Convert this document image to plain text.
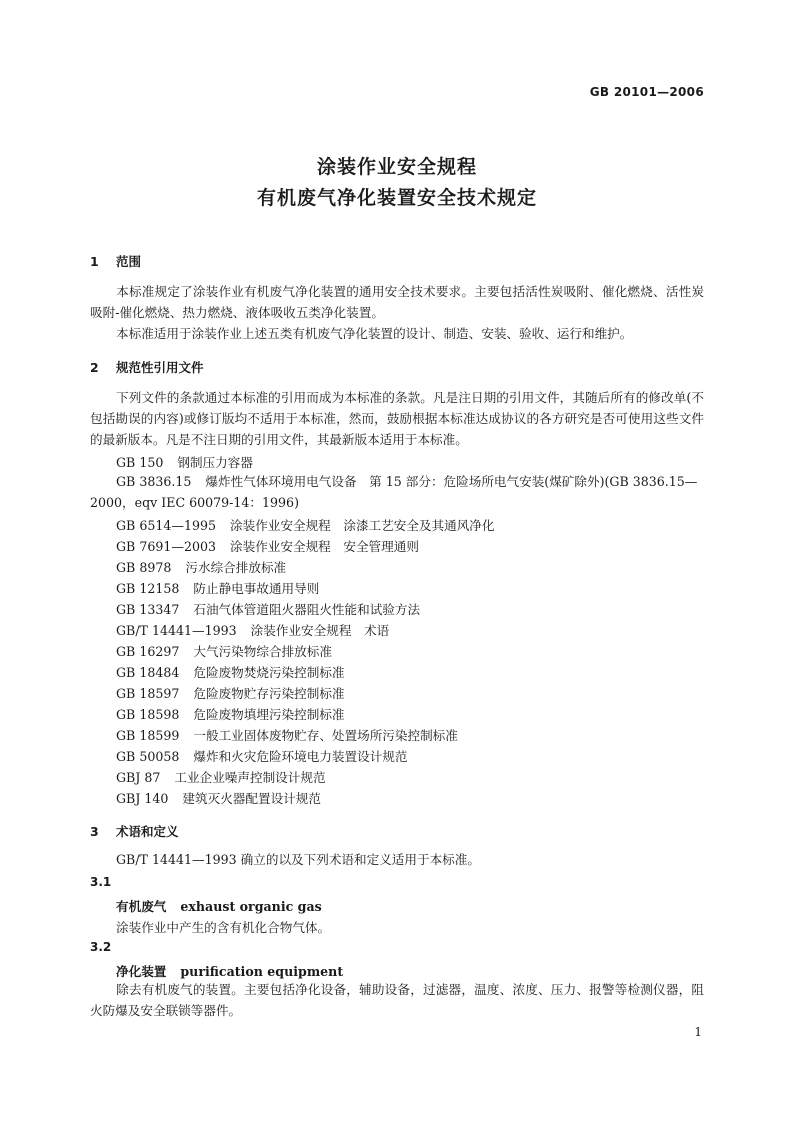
GB 20101—2006
涂装作业安全规程
有机废气净化装置安全技术规定
1 范围
本标准规定了涂装作业有机废气净化装置的通用安全技术要求。主要包括活性炭吸附、催化燃烧、活性炭吸附-催化燃烧、热力燃烧、液体吸收五类净化装置。
本标准适用于涂装作业上述五类有机废气净化装置的设计、制造、安装、验收、运行和维护。
2 规范性引用文件
下列文件的条款通过本标准的引用而成为本标准的条款。凡是注日期的引用文件，其随后所有的修改单(不包括勘误的内容)或修订版均不适用于本标准，然而，鼓励根据本标准达成协议的各方研究是否可使用这些文件的最新版本。凡是不注日期的引用文件，其最新版本适用于本标准。
GB 150 钢制压力容器
GB 3836.15 爆炸性气体环境用电气设备　第 15 部分：危险场所电气安装(煤矿除外)(GB 3836.15—2000，eqv IEC 60079-14：1996)
GB 6514—1995 涂装作业安全规程　涂漆工艺安全及其通风净化
GB 7691—2003 涂装作业安全规程　安全管理通则
GB 8978 污水综合排放标准
GB 12158 防止静电事故通用导则
GB 13347 石油气体管道阻火器阻火性能和试验方法
GB/T 14441—1993 涂装作业安全规程　术语
GB 16297 大气污染物综合排放标准
GB 18484 危险废物焚烧污染控制标准
GB 18597 危险废物贮存污染控制标准
GB 18598 危险废物填埋污染控制标准
GB 18599 一般工业固体废物贮存、处置场所污染控制标准
GB 50058 爆炸和火灾危险环境电力装置设计规范
GBJ 87 工业企业噪声控制设计规范
GBJ 140 建筑灭火器配置设计规范
3 术语和定义
GB/T 14441—1993 确立的以及下列术语和定义适用于本标准。
3.1
有机废气 exhaust organic gas
涂装作业中产生的含有机化合物气体。
3.2
净化装置 purification equipment
除去有机废气的装置。主要包括净化设备，辅助设备，过滤器，温度、浓度、压力、报警等检测仪器，阻火防爆及安全联锁等器件。
1
